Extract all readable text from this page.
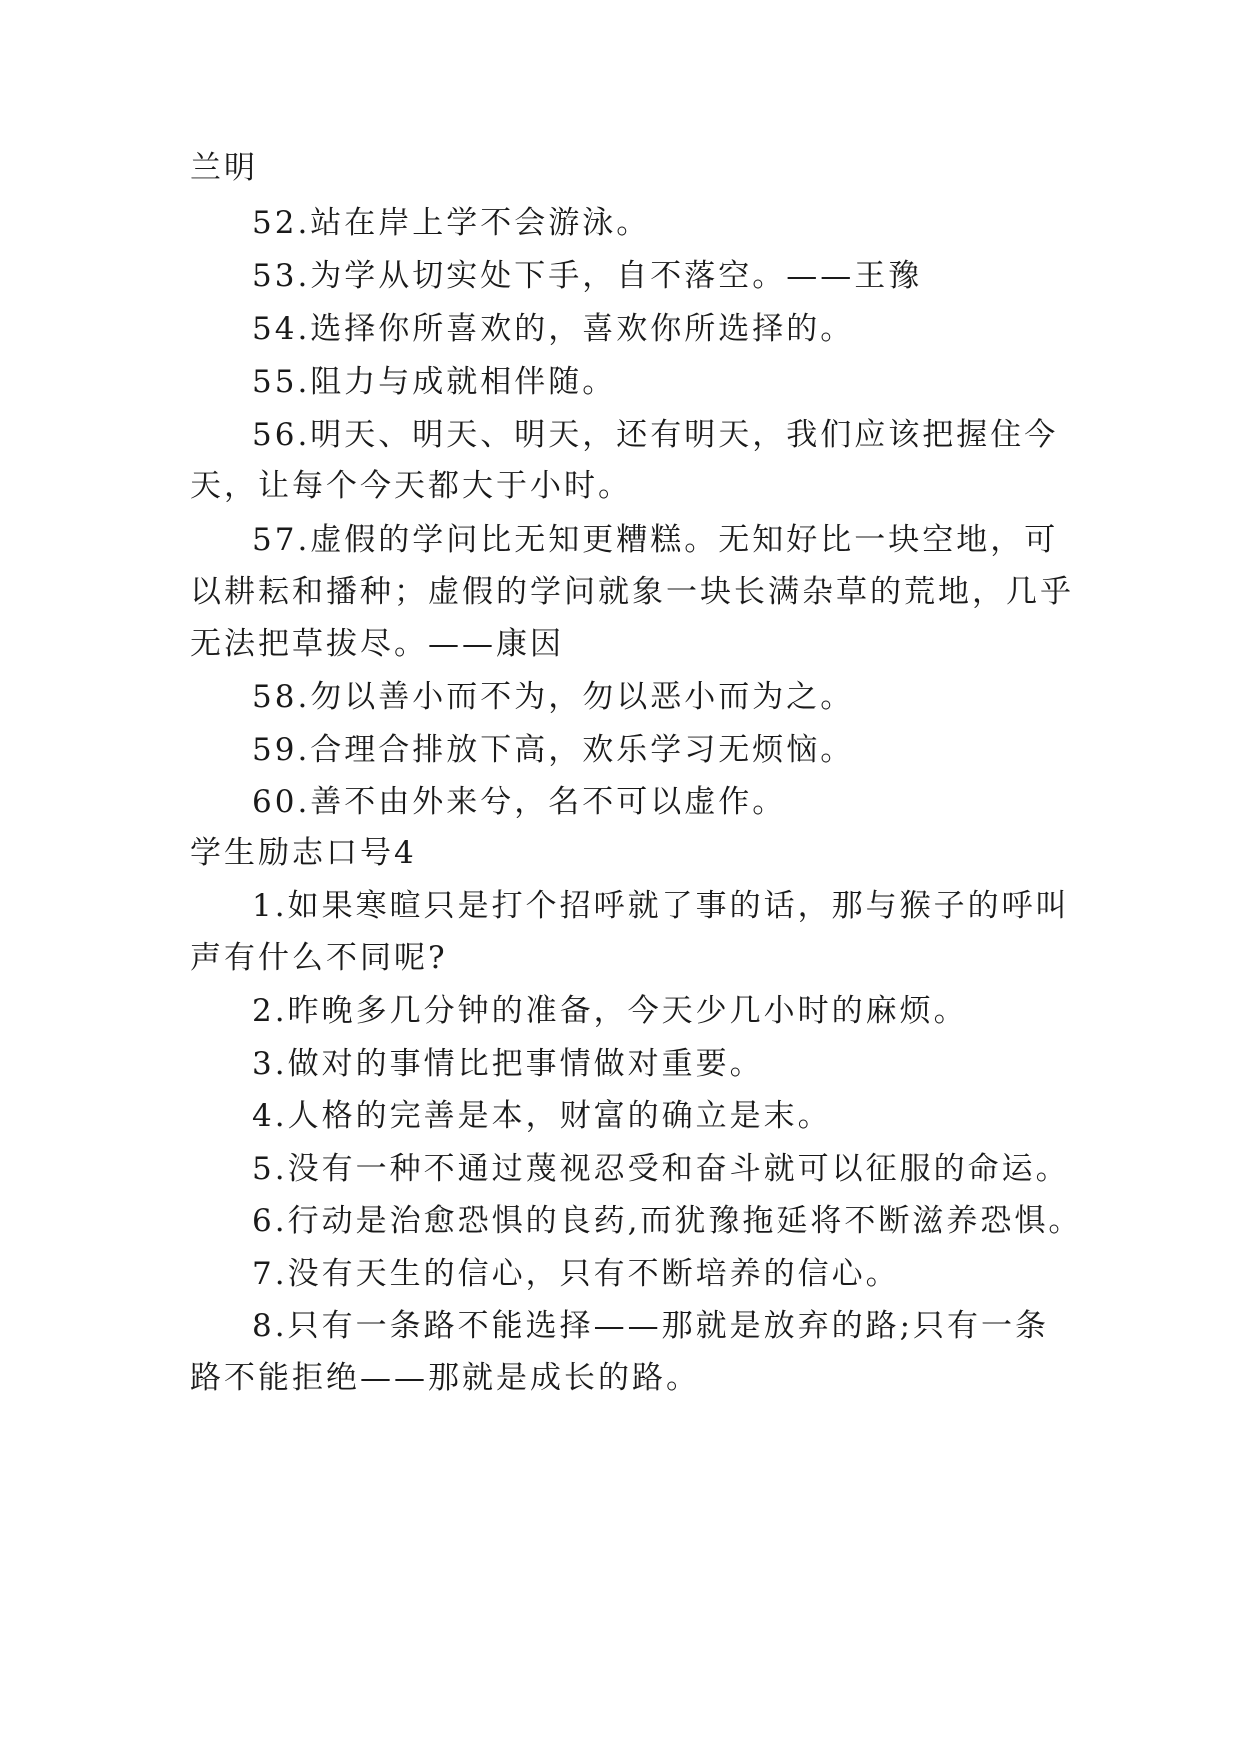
兰明
52.站在岸上学不会游泳。
53.为学从切实处下手，自不落空。——王豫
54.选择你所喜欢的，喜欢你所选择的。
55.阻力与成就相伴随。
56.明天、明天、明天，还有明天，我们应该把握住今
天，让每个今天都大于小时。
57.虚假的学问比无知更糟糕。无知好比一块空地，可
以耕耘和播种；虚假的学问就象一块长满杂草的荒地，几乎
无法把草拔尽。——康因
58.勿以善小而不为，勿以恶小而为之。
59.合理合排放下高，欢乐学习无烦恼。
60.善不由外来兮，名不可以虚作。
学生励志口号4
1.如果寒暄只是打个招呼就了事的话，那与猴子的呼叫
声有什么不同呢?
2.昨晚多几分钟的准备，今天少几小时的麻烦。
3.做对的事情比把事情做对重要。
4.人格的完善是本，财富的确立是末。
5.没有一种不通过蔑视忍受和奋斗就可以征服的命运。
6.行动是治愈恐惧的良药,而犹豫拖延将不断滋养恐惧。
7.没有天生的信心，只有不断培养的信心。
8.只有一条路不能选择——那就是放弃的路;只有一条
路不能拒绝——那就是成长的路。
